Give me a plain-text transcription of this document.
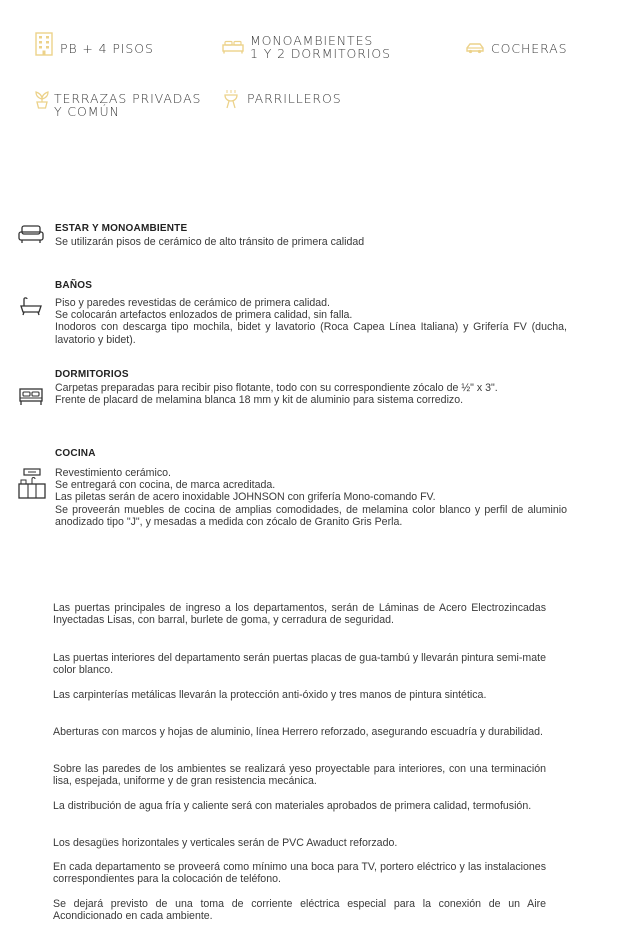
PB + 4 PISOS
MONOAMBIENTES
1 Y 2 DORMITORIOS	COCHERAS
TERRAZAS PRIVADAS
Y COMÚN
PARRILLEROS
ESTAR Y MONOAMBIENTE

Se utilizarán pisos de cerámico de alto tránsito de primera calidad

BAÑOS

Piso y paredes revestidas de cerámico de primera calidad.

Se colocarán artefactos enlozados de primera calidad, sin falla.

Inodoros con descarga tipo mochila, bidet y lavatorio (Roca Capea Línea Italiana) y Grifería FV (ducha, lavatorio y bidet).

DORMITORIOS

Carpetas preparadas para recibir piso flotante, todo con su correspondiente zócalo de ½" x 3".

Frente de placard de melamina blanca 18 mm y kit de aluminio para sistema corredizo.

COCINA

Revestimiento cerámico.

Se entregará con cocina, de marca acreditada.

Las piletas serán de acero inoxidable JOHNSON con grifería Mono-comando FV.

Se proveerán muebles de cocina de amplias comodidades, de melamina color blanco y perfil de aluminio anodizado tipo "J", y mesadas a medida con zócalo de Granito Gris Perla.

Las puertas principales de ingreso a los departamentos, serán de Láminas de Acero Electrozincadas Inyectadas Lisas, con barral, burlete de goma, y cerradura de seguridad.

Las puertas interiores del departamento serán puertas placas de gua-tambú y llevarán pintura semi-mate color blanco.

Las carpinterías metálicas llevarán la protección anti-óxido y tres manos de pintura sintética.

Aberturas con marcos y hojas de aluminio, línea Herrero reforzado, asegurando escuadría y durabilidad.

Sobre las paredes de los ambientes se realizará yeso proyectable para interiores, con una terminación lisa, espejada, uniforme y de gran resistencia mecánica.

La distribución de agua fría y caliente será con materiales aprobados de primera calidad, termofusión.

Los desagües horizontales y verticales serán de PVC Awaduct reforzado.

En cada departamento se proveerá como mínimo una boca para TV, portero eléctrico y las instalaciones correspondientes para la colocación de teléfono.

Se dejará previsto de una toma de corriente eléctrica especial para la conexión de un Aire Acondicionado en cada ambiente.
